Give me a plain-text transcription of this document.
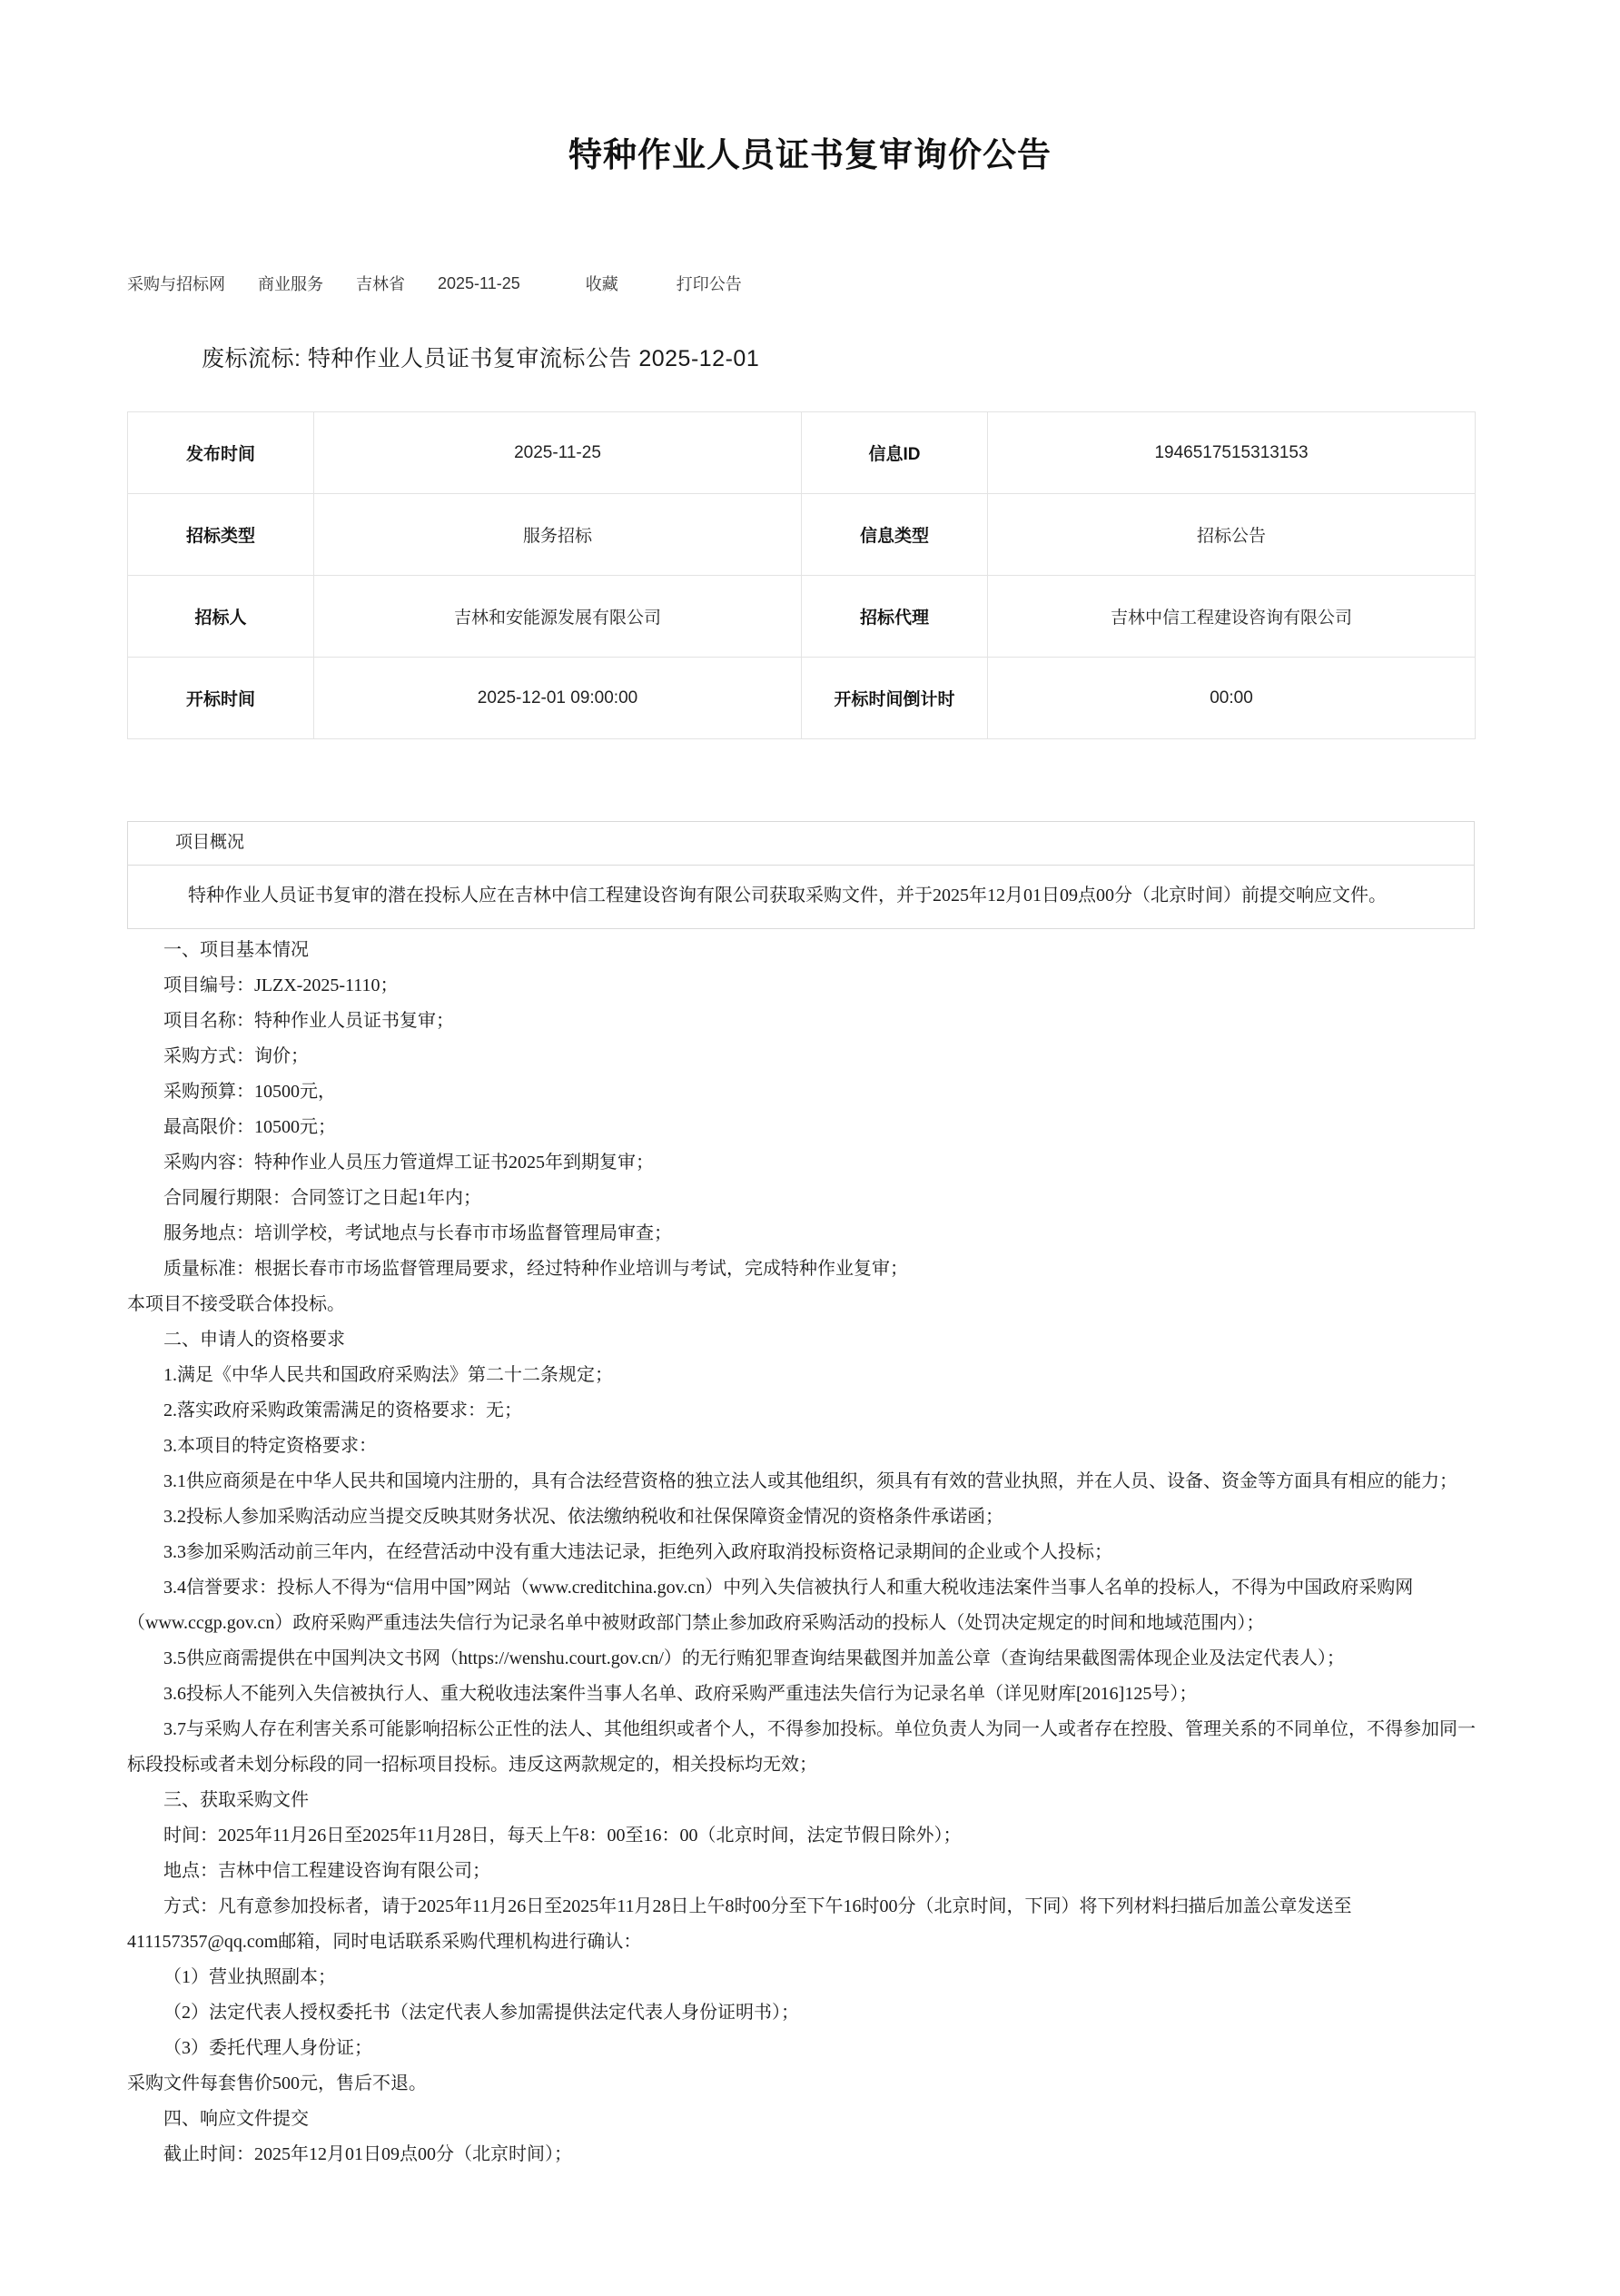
特种作业人员证书复审询价公告
采购与招标网 商业服务 吉林省 2025-11-25	收藏	打印公告
废标流标: 特种作业人员证书复审流标公告 2025-12-01
发布时间	2025-11-25	信息ID	1946517515313153
招标类型	服务招标	信息类型	招标公告
招标人	吉林和安能源发展有限公司	招标代理	吉林中信工程建设咨询有限公司
开标时间	2025-12-01 09:00:00	开标时间倒计时	00:00
项目概况
特种作业人员证书复审的潜在投标人应在吉林中信工程建设咨询有限公司获取采购文件，并于2025年12月01日09点00分（北京时间）前提交响应文件。

一、项目基本情况

项目编号：JLZX-2025-1110；

项目名称：特种作业人员证书复审；

采购方式：询价；

采购预算：10500元，

最高限价：10500元；

采购内容：特种作业人员压力管道焊工证书2025年到期复审；

合同履行期限：合同签订之日起1年内；

服务地点：培训学校，考试地点与长春市市场监督管理局审查；

质量标准：根据长春市市场监督管理局要求，经过特种作业培训与考试，完成特种作业复审；

本项目不接受联合体投标。

二、申请人的资格要求

1.满足《中华人民共和国政府采购法》第二十二条规定；

2.落实政府采购政策需满足的资格要求：无；

3.本项目的特定资格要求：

3.1供应商须是在中华人民共和国境内注册的，具有合法经营资格的独立法人或其他组织，须具有有效的营业执照，并在人员、设备、资金等方面具有相应的能力；

3.2投标人参加采购活动应当提交反映其财务状况、依法缴纳税收和社保保障资金情况的资格条件承诺函；

3.3参加采购活动前三年内，在经营活动中没有重大违法记录，拒绝列入政府取消投标资格记录期间的企业或个人投标；

3.4信誉要求：投标人不得为“信用中国”网站（www.creditchina.gov.cn）中列入失信被执行人和重大税收违法案件当事人名单的投标人，不得为中国政府采购网（www.ccgp.gov.cn）政府采购严重违法失信行为记录名单中被财政部门禁止参加政府采购活动的投标人（处罚决定规定的时间和地域范围内）；

3.5供应商需提供在中国判决文书网（https://wenshu.court.gov.cn/）的无行贿犯罪查询结果截图并加盖公章（查询结果截图需体现企业及法定代表人）；

3.6投标人不能列入失信被执行人、重大税收违法案件当事人名单、政府采购严重违法失信行为记录名单（详见财库[2016]125号）；

3.7与采购人存在利害关系可能影响招标公正性的法人、其他组织或者个人，不得参加投标。单位负责人为同一人或者存在控股、管理关系的不同单位，不得参加同一标段投标或者未划分标段的同一招标项目投标。违反这两款规定的，相关投标均无效；

三、获取采购文件

时间：2025年11月26日至2025年11月28日，每天上午8：00至16：00（北京时间，法定节假日除外）；

地点：吉林中信工程建设咨询有限公司；

方式：凡有意参加投标者，请于2025年11月26日至2025年11月28日上午8时00分至下午16时00分（北京时间，下同）将下列材料扫描后加盖公章发送至411157357@qq.com邮箱，同时电话联系采购代理机构进行确认：

（1）营业执照副本；

（2）法定代表人授权委托书（法定代表人参加需提供法定代表人身份证明书）；

（3）委托代理人身份证；

采购文件每套售价500元，售后不退。

四、响应文件提交

截止时间：2025年12月01日09点00分（北京时间）；
